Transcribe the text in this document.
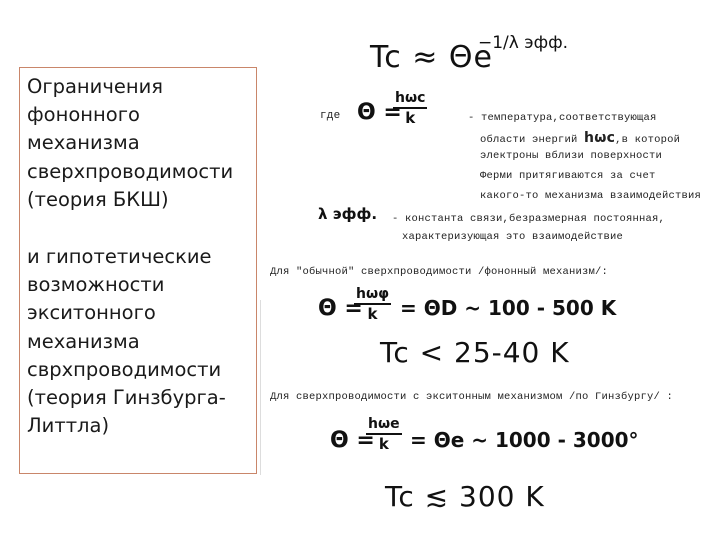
Ограничения фононного механизма сверхпроводимости (теория БКШ)

и гипотетические возможности экситонного механизма сврхпроводимости (теория Гинзбурга-Литтла)

Tc ≈ Θe
−1/λ эфф.
где Θ =
hωc
k	- температура,соответствующая
области энергий hωc,в которой
электроны вблизи поверхности
Ферми притягиваются за счет
какого-то механизма взаимодействия
λ эфф. - константа связи,безразмерная постоянная,
характеризующая это взаимодействие
Для "обычной" сверхпроводимости /фононный механизм/:
Θ =
hωφ
k	= ΘD ~ 100 - 500 K
Tc < 25-40 K
Для сверхпроводимости с экситонным механизмом /по Гинзбургу/ :
Θ =
hωe
k	= Θe ~ 1000 - 3000°
Tc ≲ 300 K
